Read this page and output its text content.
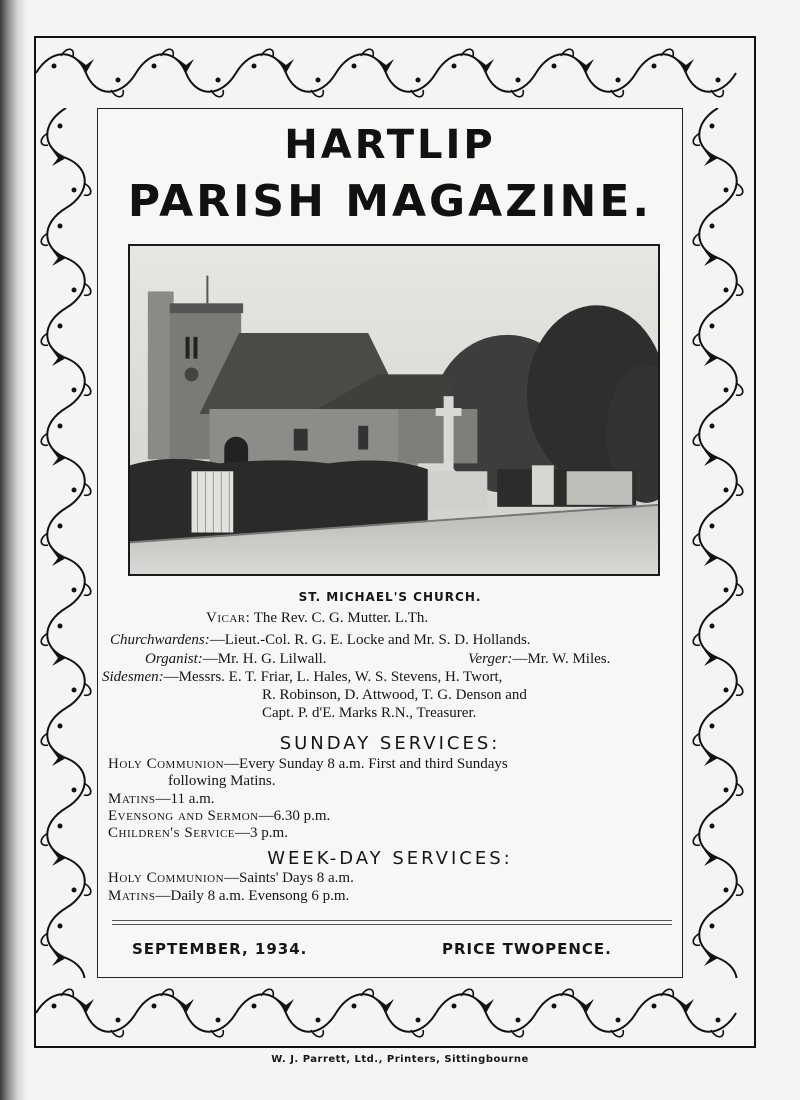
HARTLIP
PARISH MAGAZINE.
ST. MICHAEL'S CHURCH.
Vicar: The Rev. C. G. Mutter. L.Th.
Churchwardens:—Lieut.-Col. R. G. E. Locke and Mr. S. D. Hollands.
Organist:—Mr. H. G. Lilwall.	Verger:—Mr. W. Miles.
Sidesmen:—Messrs. E. T. Friar, L. Hales, W. S. Stevens, H. Twort,
R. Robinson, D. Attwood, T. G. Denson and
Capt. P. d'E. Marks R.N., Treasurer.
SUNDAY SERVICES:
Holy Communion—Every Sunday 8 a.m. First and third Sundays
following Matins.
Matins—11 a.m.
Evensong and Sermon—6.30 p.m.
Children's Service—3 p.m.
WEEK-DAY SERVICES:
Holy Communion—Saints' Days 8 a.m.
Matins—Daily 8 a.m. Evensong 6 p.m.
SEPTEMBER, 1934.	PRICE TWOPENCE.
W. J. Parrett, Ltd., Printers, Sittingbourne
